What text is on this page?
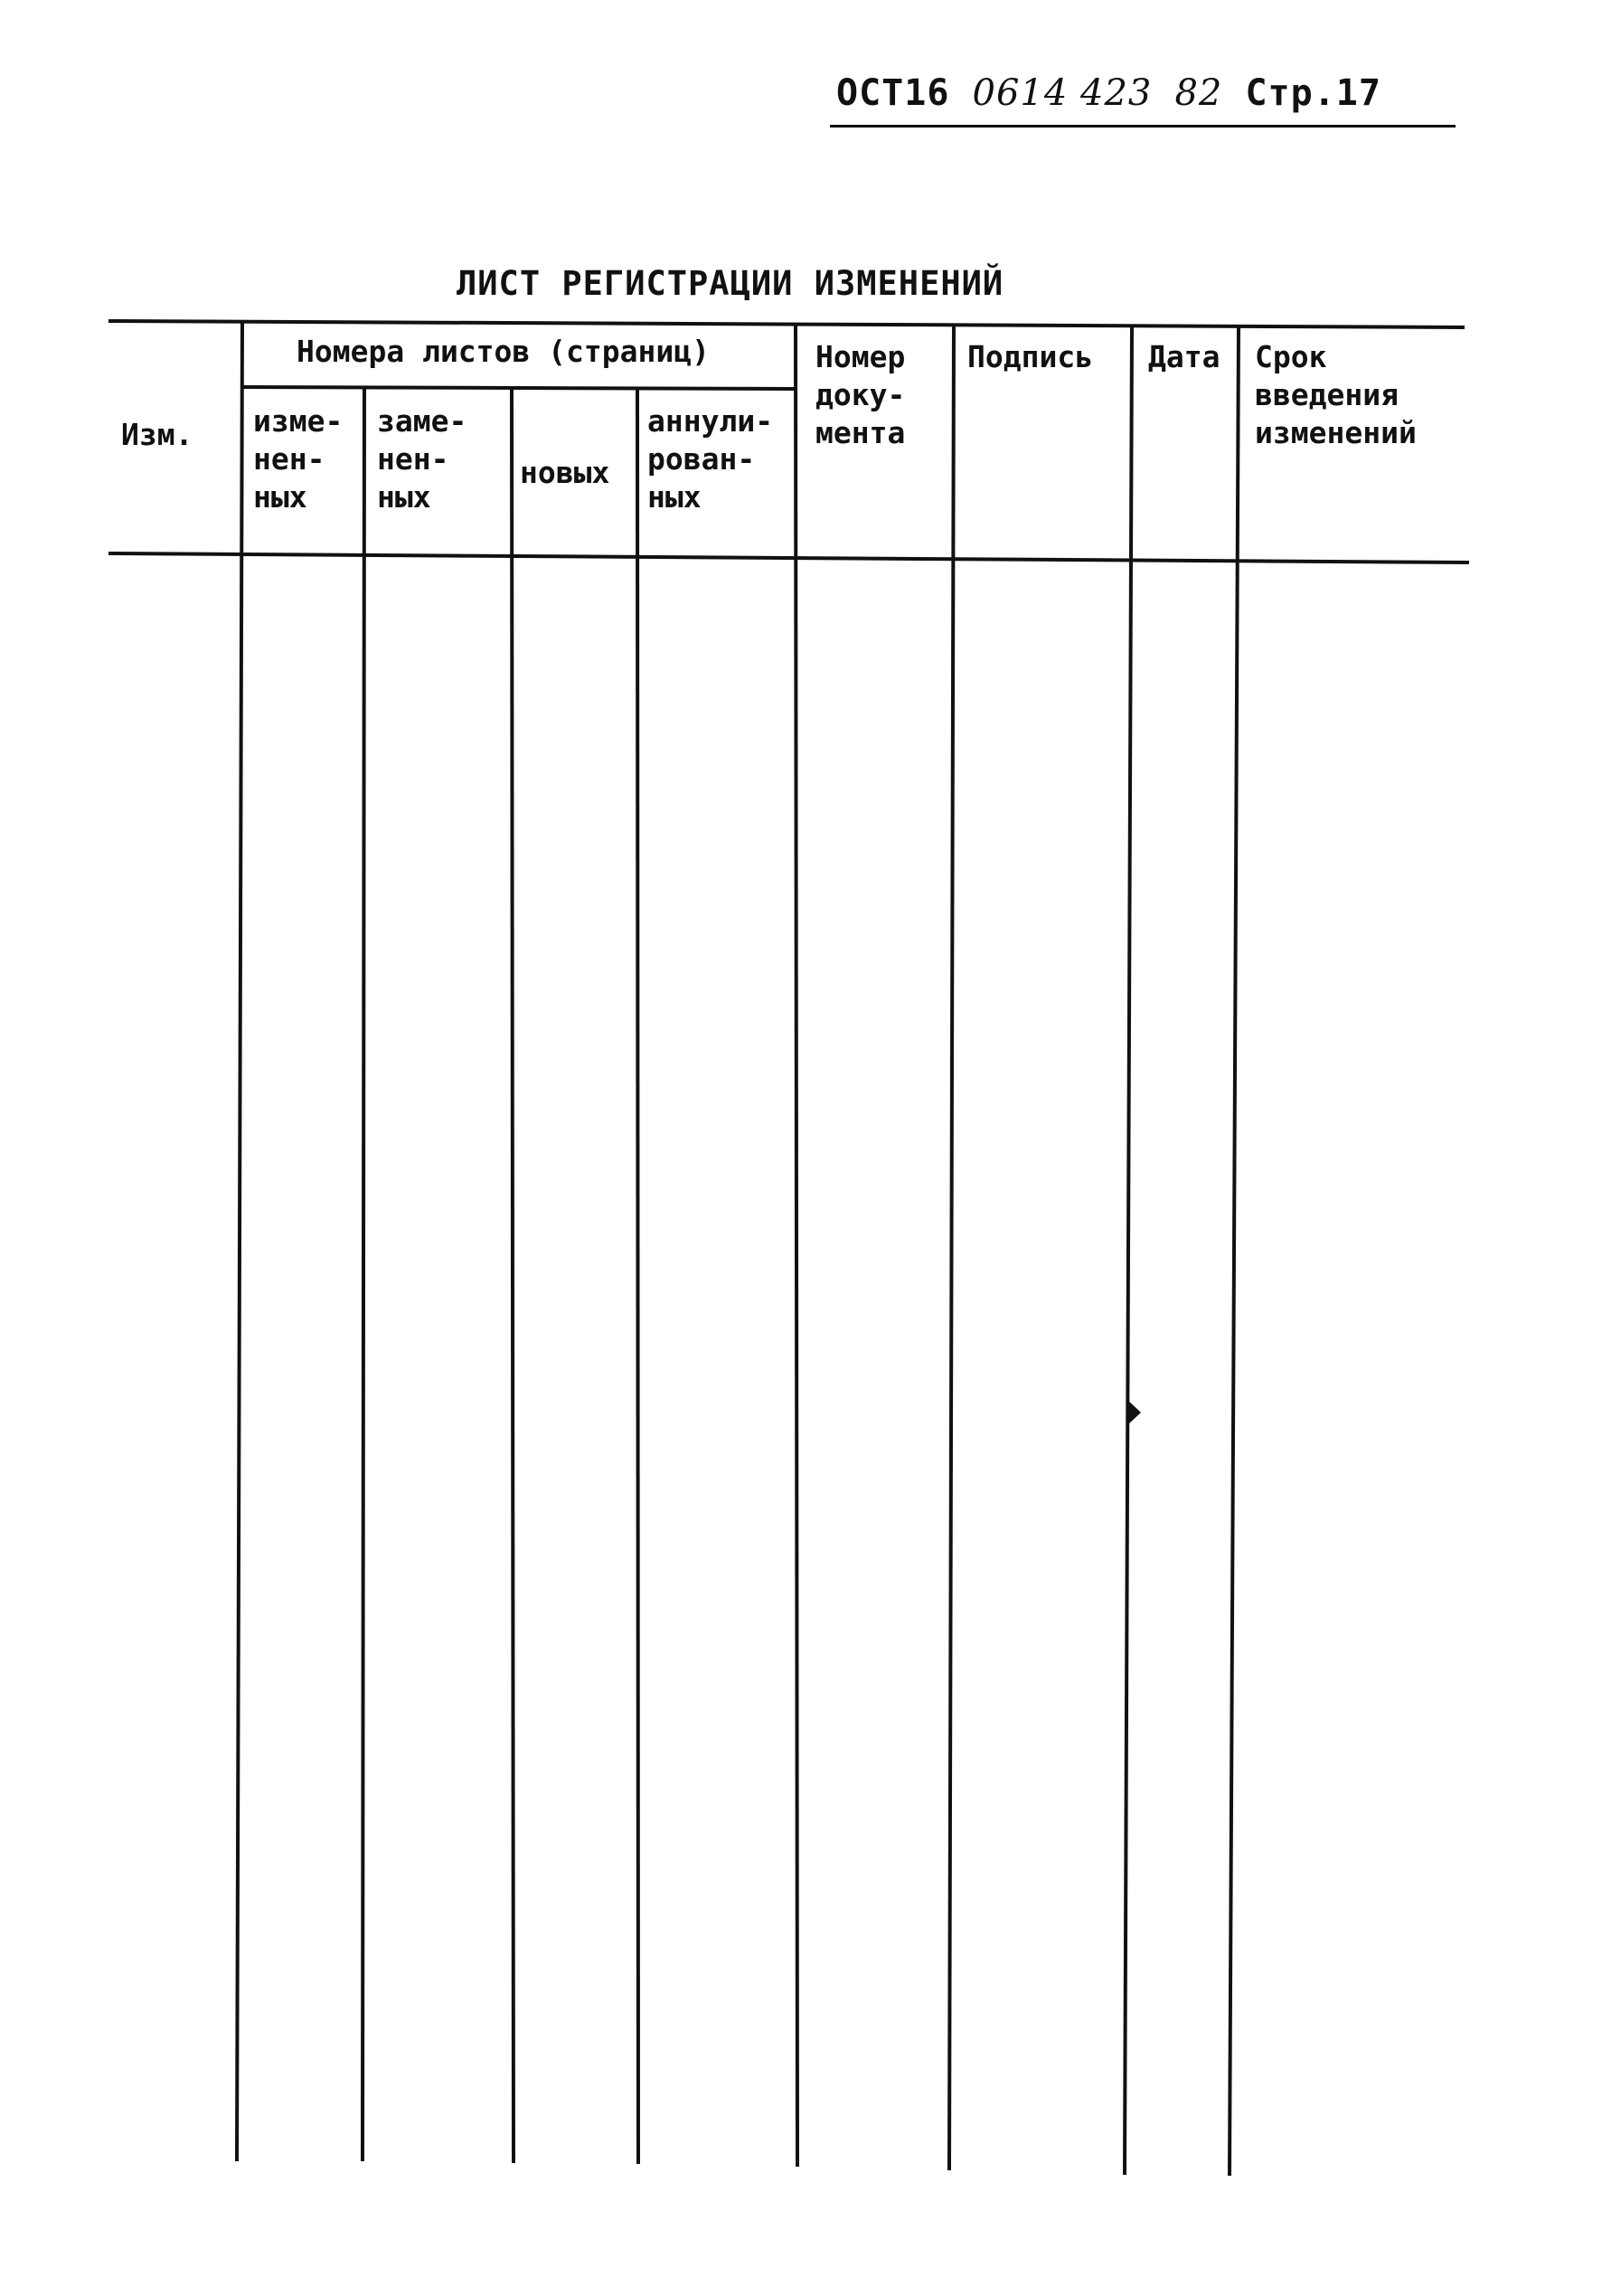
ОСТ16 0614 423 82 Стр.17
ЛИСТ РЕГИСТРАЦИИ ИЗМЕНЕНИЙ
Изм.
Номера листов (страниц)
изме-
нен-
ных
заме-
нен-
ных
новых
аннули-
рован-
ных
Номер
доку-
мента
Подпись Дата Срок
введения
изменений
